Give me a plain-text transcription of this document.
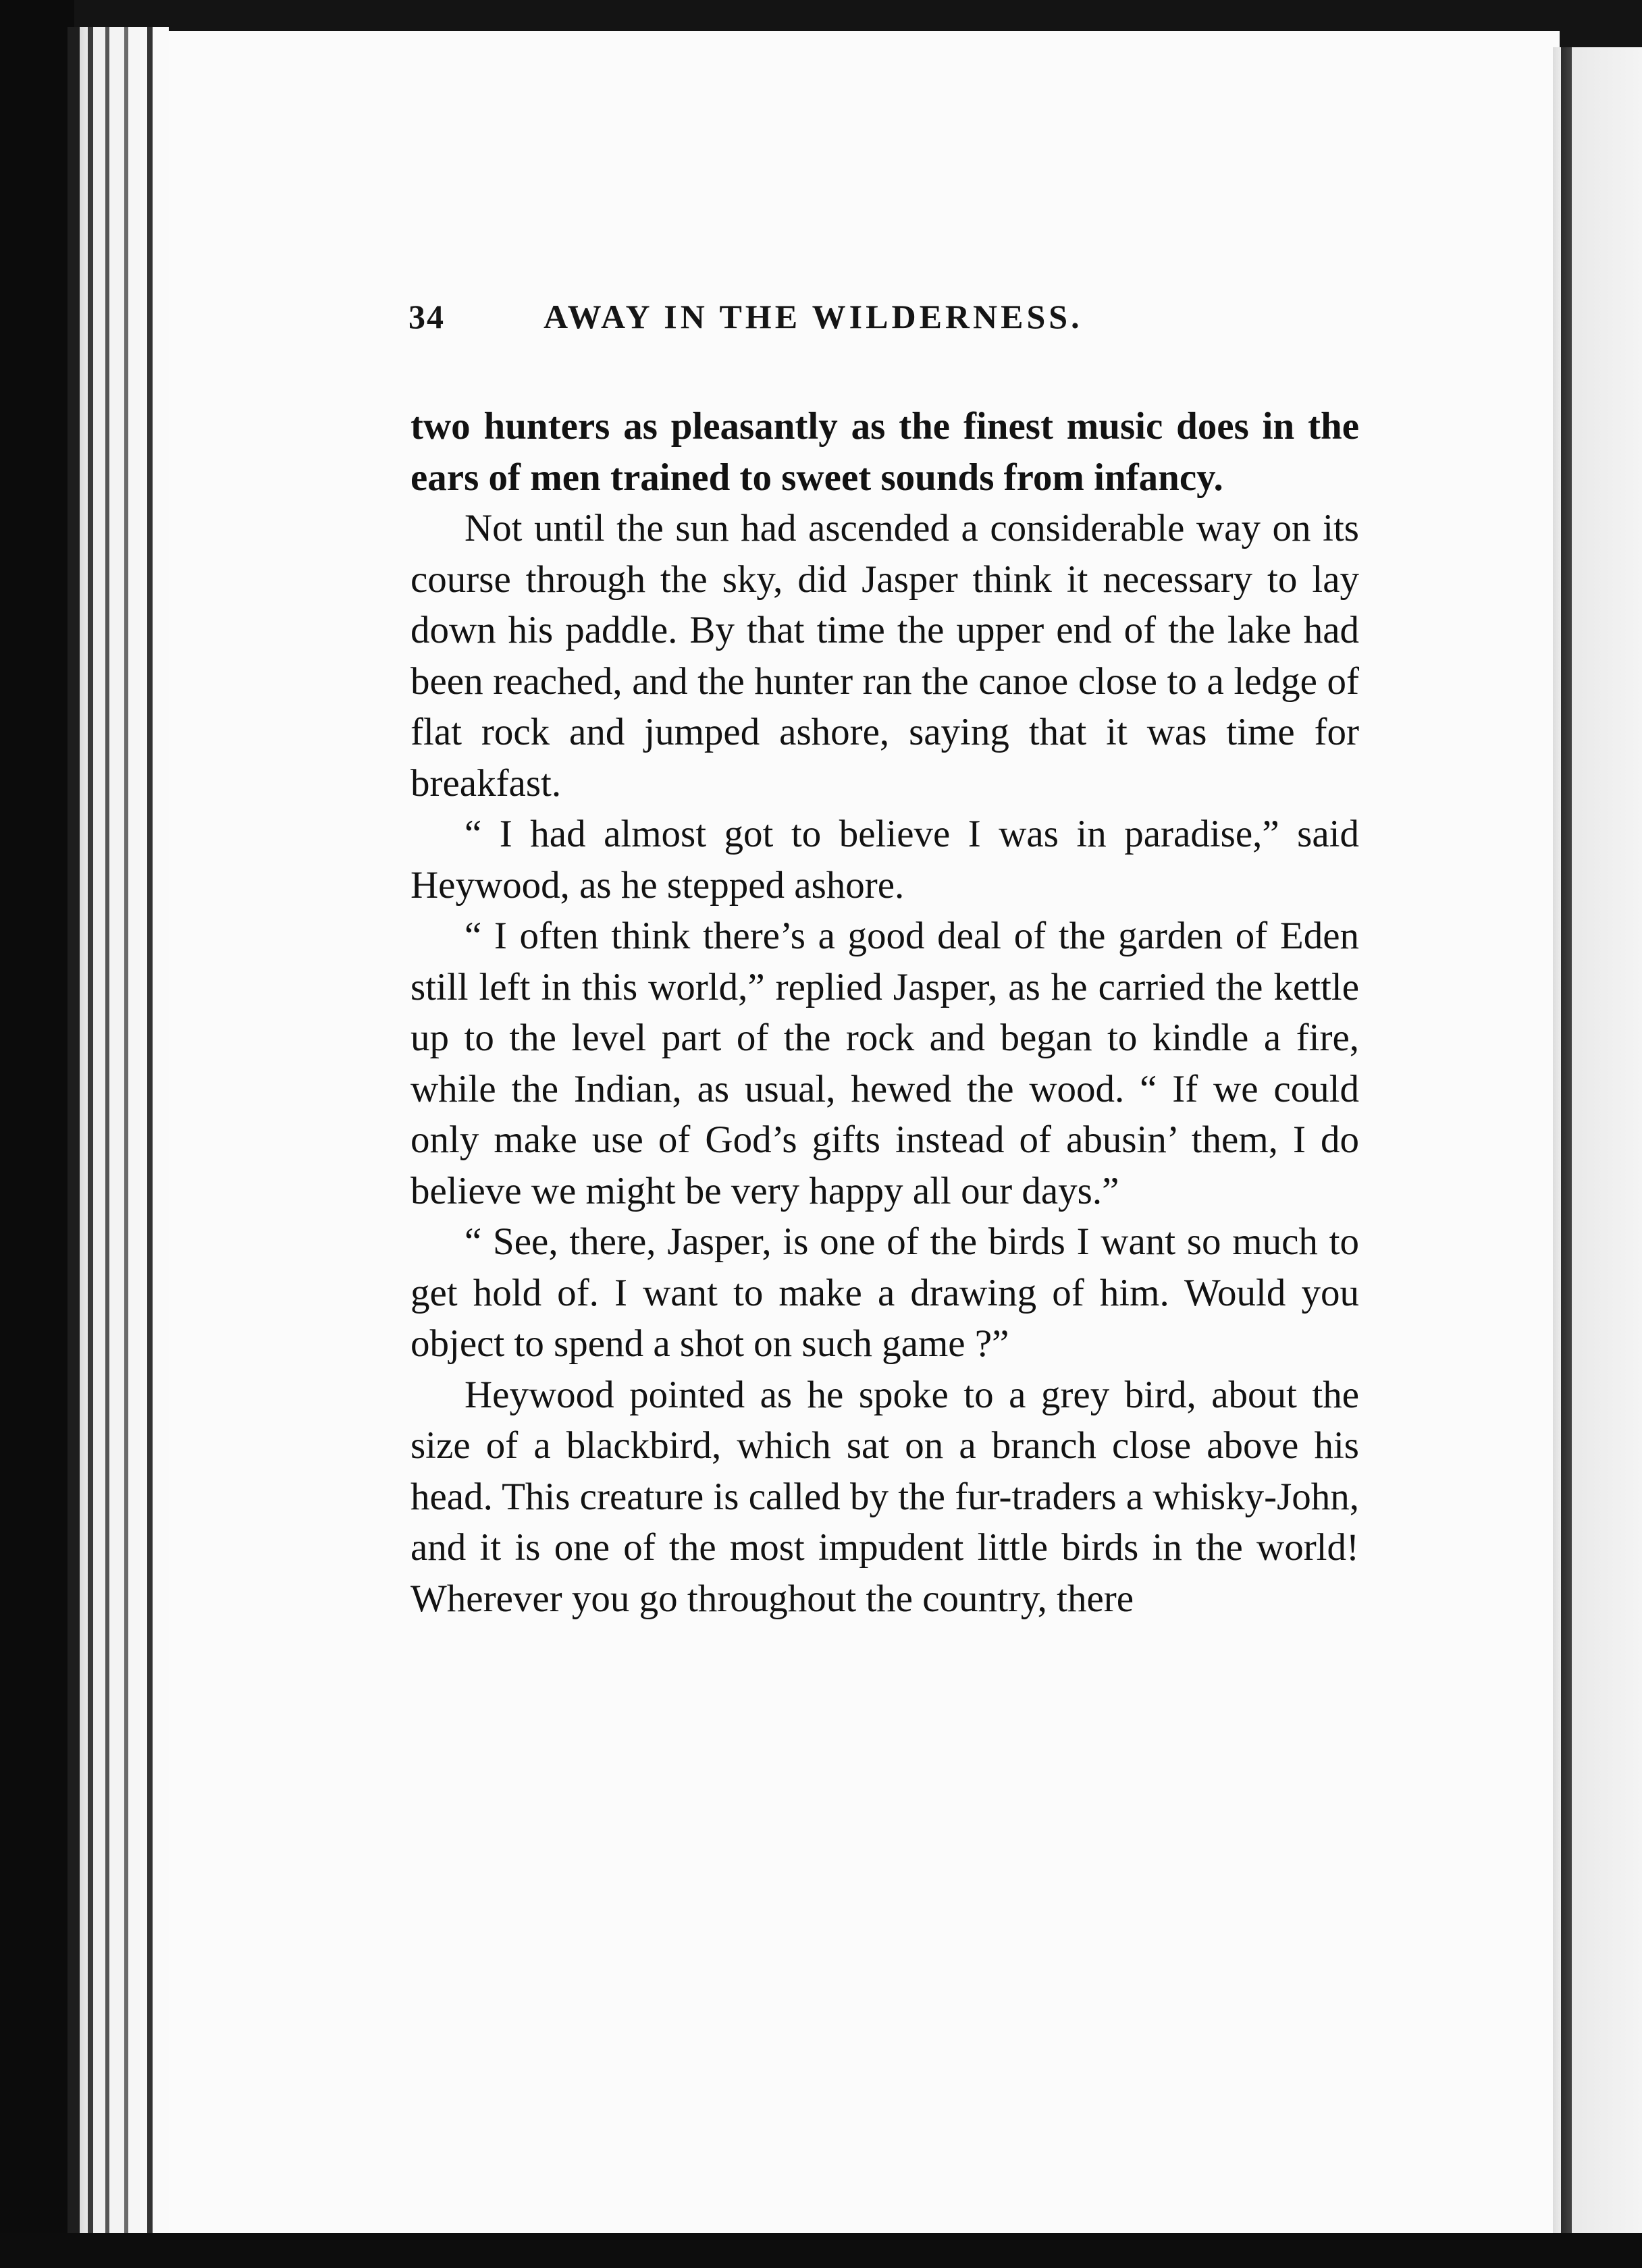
34	AWAY IN THE WILDERNESS.

two hunters as pleasantly as the finest music does in the ears of men trained to sweet sounds from infancy.

Not until the sun had ascended a considerable way on its course through the sky, did Jasper think it necessary to lay down his paddle. By that time the upper end of the lake had been reached, and the hunter ran the canoe close to a ledge of flat rock and jumped ashore, saying that it was time for breakfast.

“ I had almost got to believe I was in paradise,” said Heywood, as he stepped ashore.

“ I often think there’s a good deal of the garden of Eden still left in this world,” replied Jasper, as he carried the kettle up to the level part of the rock and began to kindle a fire, while the Indian, as usual, hewed the wood. “ If we could only make use of God’s gifts instead of abusin’ them, I do believe we might be very happy all our days.”

“ See, there, Jasper, is one of the birds I want so much to get hold of. I want to make a drawing of him. Would you object to spend a shot on such game ?”

Heywood pointed as he spoke to a grey bird, about the size of a blackbird, which sat on a branch close above his head. This creature is called by the fur-traders a whisky-John, and it is one of the most impudent little birds in the world! Wherever you go throughout the country, there
